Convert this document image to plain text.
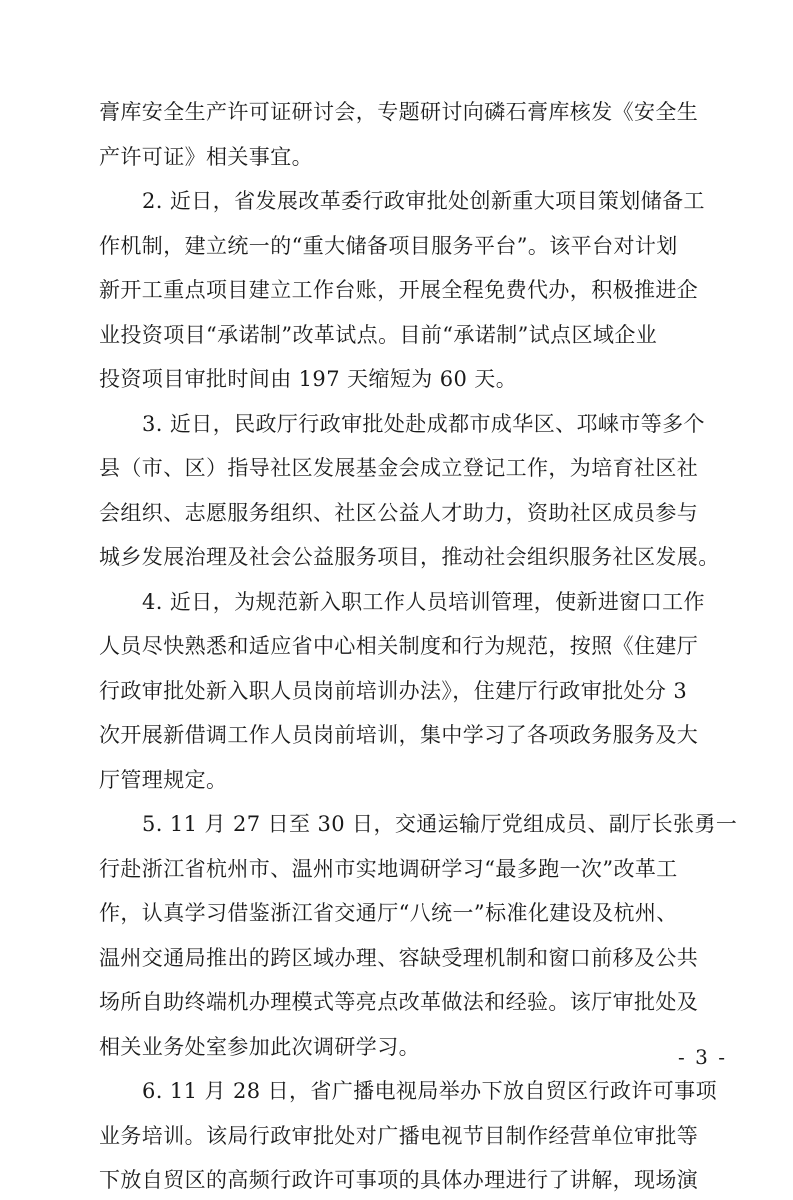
膏库安全生产许可证研讨会，专题研讨向磷石膏库核发《安全生
产许可证》相关事宜。
2. 近日，省发展改革委行政审批处创新重大项目策划储备工
作机制，建立统一的“重大储备项目服务平台”。该平台对计划
新开工重点项目建立工作台账，开展全程免费代办，积极推进企
业投资项目“承诺制”改革试点。目前“承诺制”试点区域企业
投资项目审批时间由 197 天缩短为 60 天。
3. 近日，民政厅行政审批处赴成都市成华区、邛崃市等多个
县（市、区）指导社区发展基金会成立登记工作，为培育社区社
会组织、志愿服务组织、社区公益人才助力，资助社区成员参与
城乡发展治理及社会公益服务项目，推动社会组织服务社区发展。
4. 近日，为规范新入职工作人员培训管理，使新进窗口工作
人员尽快熟悉和适应省中心相关制度和行为规范，按照《住建厅
行政审批处新入职人员岗前培训办法》，住建厅行政审批处分 3
次开展新借调工作人员岗前培训，集中学习了各项政务服务及大
厅管理规定。
5. 11 月 27 日至 30 日，交通运输厅党组成员、副厅长张勇一
行赴浙江省杭州市、温州市实地调研学习“最多跑一次”改革工
作，认真学习借鉴浙江省交通厅“八统一”标准化建设及杭州、
温州交通局推出的跨区域办理、容缺受理机制和窗口前移及公共
场所自助终端机办理模式等亮点改革做法和经验。该厅审批处及
相关业务处室参加此次调研学习。
6. 11 月 28 日，省广播电视局举办下放自贸区行政许可事项
业务培训。该局行政审批处对广播电视节目制作经营单位审批等
下放自贸区的高频行政许可事项的具体办理进行了讲解，现场演
- 3 -
